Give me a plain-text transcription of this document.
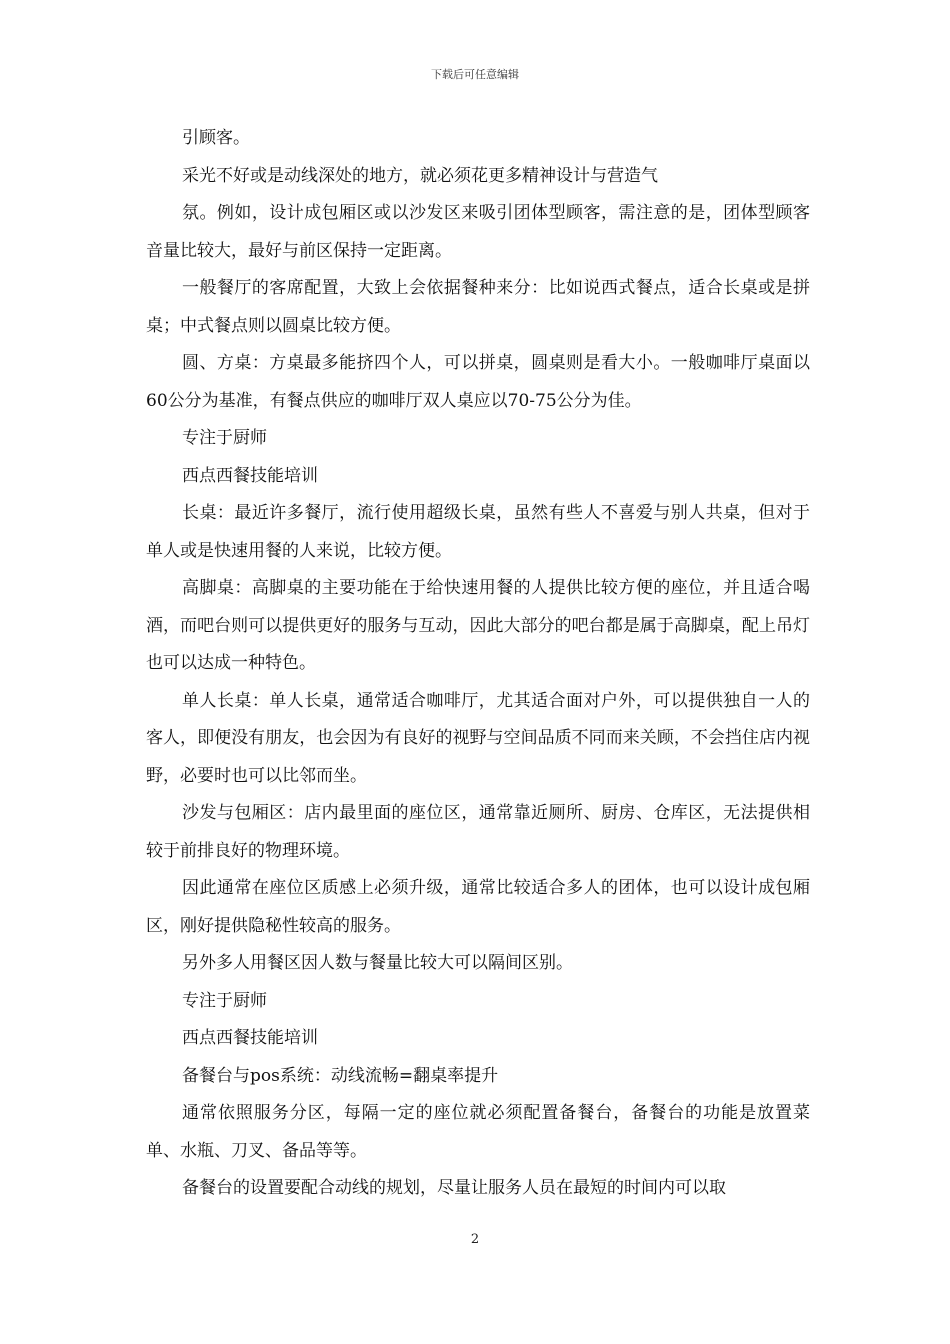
下载后可任意编辑

引顾客。

采光不好或是动线深处的地方，就必须花更多精神设计与营造气

氛。例如，设计成包厢区或以沙发区来吸引团体型顾客，需注意的是，团体型顾客音量比较大，最好与前区保持一定距离。

一般餐厅的客席配置，大致上会依据餐种来分：比如说西式餐点，适合长桌或是拼桌；中式餐点则以圆桌比较方便。

圆、方桌：方桌最多能挤四个人，可以拼桌，圆桌则是看大小。一般咖啡厅桌面以60公分为基准，有餐点供应的咖啡厅双人桌应以70-75公分为佳。

专注于厨师

西点西餐技能培训

长桌：最近许多餐厅，流行使用超级长桌，虽然有些人不喜爱与别人共桌，但对于单人或是快速用餐的人来说，比较方便。

高脚桌：高脚桌的主要功能在于给快速用餐的人提供比较方便的座位，并且适合喝酒，而吧台则可以提供更好的服务与互动，因此大部分的吧台都是属于高脚桌，配上吊灯也可以达成一种特色。

单人长桌：单人长桌，通常适合咖啡厅，尤其适合面对户外，可以提供独自一人的客人，即便没有朋友，也会因为有良好的视野与空间品质不同而来关顾，不会挡住店内视野，必要时也可以比邻而坐。

沙发与包厢区：店内最里面的座位区，通常靠近厕所、厨房、仓库区，无法提供相较于前排良好的物理环境。

因此通常在座位区质感上必须升级，通常比较适合多人的团体，也可以设计成包厢区，刚好提供隐秘性较高的服务。

另外多人用餐区因人数与餐量比较大可以隔间区别。

专注于厨师

西点西餐技能培训

备餐台与pos系统：动线流畅=翻桌率提升

通常依照服务分区，每隔一定的座位就必须配置备餐台，备餐台的功能是放置菜单、水瓶、刀叉、备品等等。

备餐台的设置要配合动线的规划，尽量让服务人员在最短的时间内可以取

2
